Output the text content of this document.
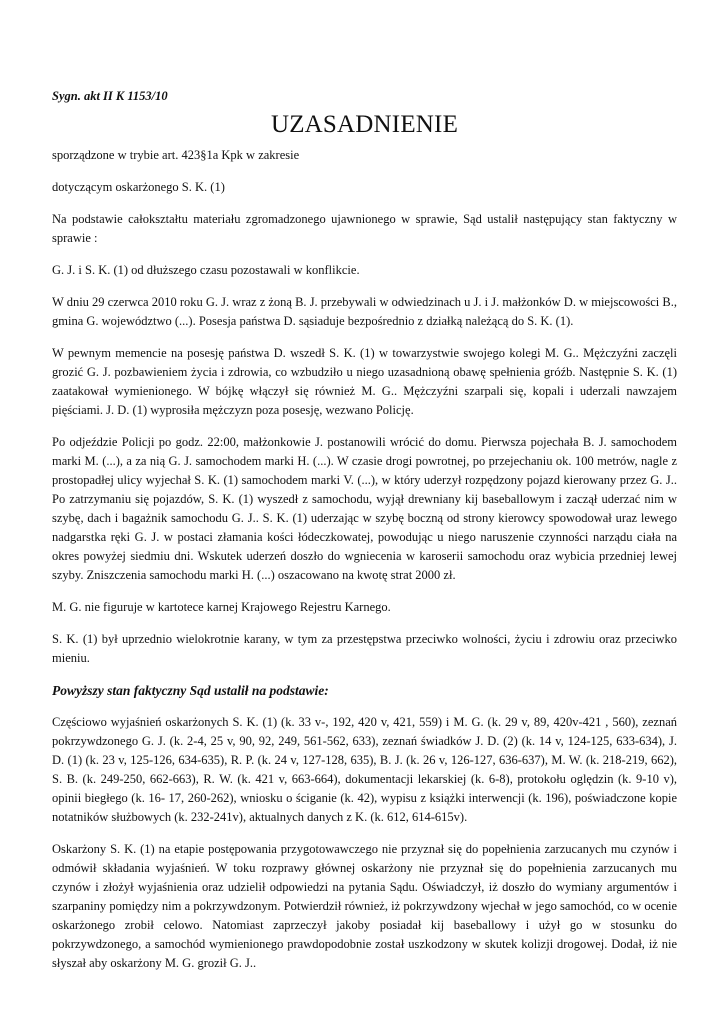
Sygn. akt II K 1153/10
UZASADNIENIE

sporządzone w trybie art. 423§1a Kpk w zakresie

dotyczącym oskarżonego S. K. (1)

Na podstawie całokształtu materiału zgromadzonego ujawnionego w sprawie, Sąd ustalił następujący stan faktyczny w sprawie :

G. J. i S. K. (1) od dłuższego czasu pozostawali w konflikcie.

W dniu 29 czerwca 2010 roku G. J. wraz z żoną B. J. przebywali w odwiedzinach u J. i J. małżonków D. w miejscowości B., gmina G. województwo (...). Posesja państwa D. sąsiaduje bezpośrednio z działką należącą do S. K. (1).

W pewnym memencie na posesję państwa D. wszedł S. K. (1) w towarzystwie swojego kolegi M. G.. Mężczyźni zaczęli grozić G. J. pozbawieniem życia i zdrowia, co wzbudziło u niego uzasadnioną obawę spełnienia gróźb. Następnie S. K. (1) zaatakował wymienionego. W bójkę włączył się również M. G.. Mężczyźni szarpali się, kopali i uderzali nawzajem pięściami. J. D. (1) wyprosiła mężczyzn poza posesję, wezwano Policję.

Po odjeździe Policji po godz. 22:00, małżonkowie J. postanowili wrócić do domu. Pierwsza pojechała B. J. samochodem marki M. (...), a za nią G. J. samochodem marki H. (...). W czasie drogi powrotnej, po przejechaniu ok. 100 metrów, nagle z prostopadłej ulicy wyjechał S. K. (1) samochodem marki V. (...), w który uderzył rozpędzony pojazd kierowany przez G. J.. Po zatrzymaniu się pojazdów, S. K. (1) wyszedł z samochodu, wyjął drewniany kij baseballowym i zaczął uderzać nim w szybę, dach i bagażnik samochodu G. J.. S. K. (1) uderzając w szybę boczną od strony kierowcy spowodował uraz lewego nadgarstka ręki G. J. w postaci złamania kości łódeczkowatej, powodując u niego naruszenie czynności narządu ciała na okres powyżej siedmiu dni. Wskutek uderzeń doszło do wgniecenia w karoserii samochodu oraz wybicia przedniej lewej szyby. Zniszczenia samochodu marki H. (...) oszacowano na kwotę strat 2000 zł.

M. G. nie figuruje w kartotece karnej Krajowego Rejestru Karnego.

S. K. (1) był uprzednio wielokrotnie karany, w tym za przestępstwa przeciwko wolności, życiu i zdrowiu oraz przeciwko mieniu.

Powyższy stan faktyczny Sąd ustalił na podstawie:

Częściowo wyjaśnień oskarżonych S. K. (1) (k. 33 v-, 192, 420 v, 421, 559) i M. G. (k. 29 v, 89, 420v-421 , 560), zeznań pokrzywdzonego G. J. (k. 2-4, 25 v, 90, 92, 249, 561-562, 633), zeznań świadków J. D. (2) (k. 14 v, 124-125, 633-634), J. D. (1) (k. 23 v, 125-126, 634-635), R. P. (k. 24 v, 127-128, 635), B. J. (k. 26 v, 126-127, 636-637), M. W. (k. 218-219, 662), S. B. (k. 249-250, 662-663), R. W. (k. 421 v, 663-664), dokumentacji lekarskiej (k. 6-8), protokołu oględzin (k. 9-10 v), opinii biegłego (k. 16- 17, 260-262), wniosku o ściganie (k. 42), wypisu z książki interwencji (k. 196), poświadczone kopie notatników służbowych (k. 232-241v), aktualnych danych z K. (k. 612, 614-615v).

Oskarżony S. K. (1) na etapie postępowania przygotowawczego nie przyznał się do popełnienia zarzucanych mu czynów i odmówił składania wyjaśnień. W toku rozprawy głównej oskarżony nie przyznał się do popełnienia zarzucanych mu czynów i złożył wyjaśnienia oraz udzielił odpowiedzi na pytania Sądu. Oświadczył, iż doszło do wymiany argumentów i szarpaniny pomiędzy nim a pokrzywdzonym. Potwierdził również, iż pokrzywdzony wjechał w jego samochód, co w ocenie oskarżonego zrobił celowo. Natomiast zaprzeczył jakoby posiadał kij baseballowy i użył go w stosunku do pokrzywdzonego, a samochód wymienionego prawdopodobnie został uszkodzony w skutek kolizji drogowej. Dodał, iż nie słyszał aby oskarżony M. G. groził G. J..
